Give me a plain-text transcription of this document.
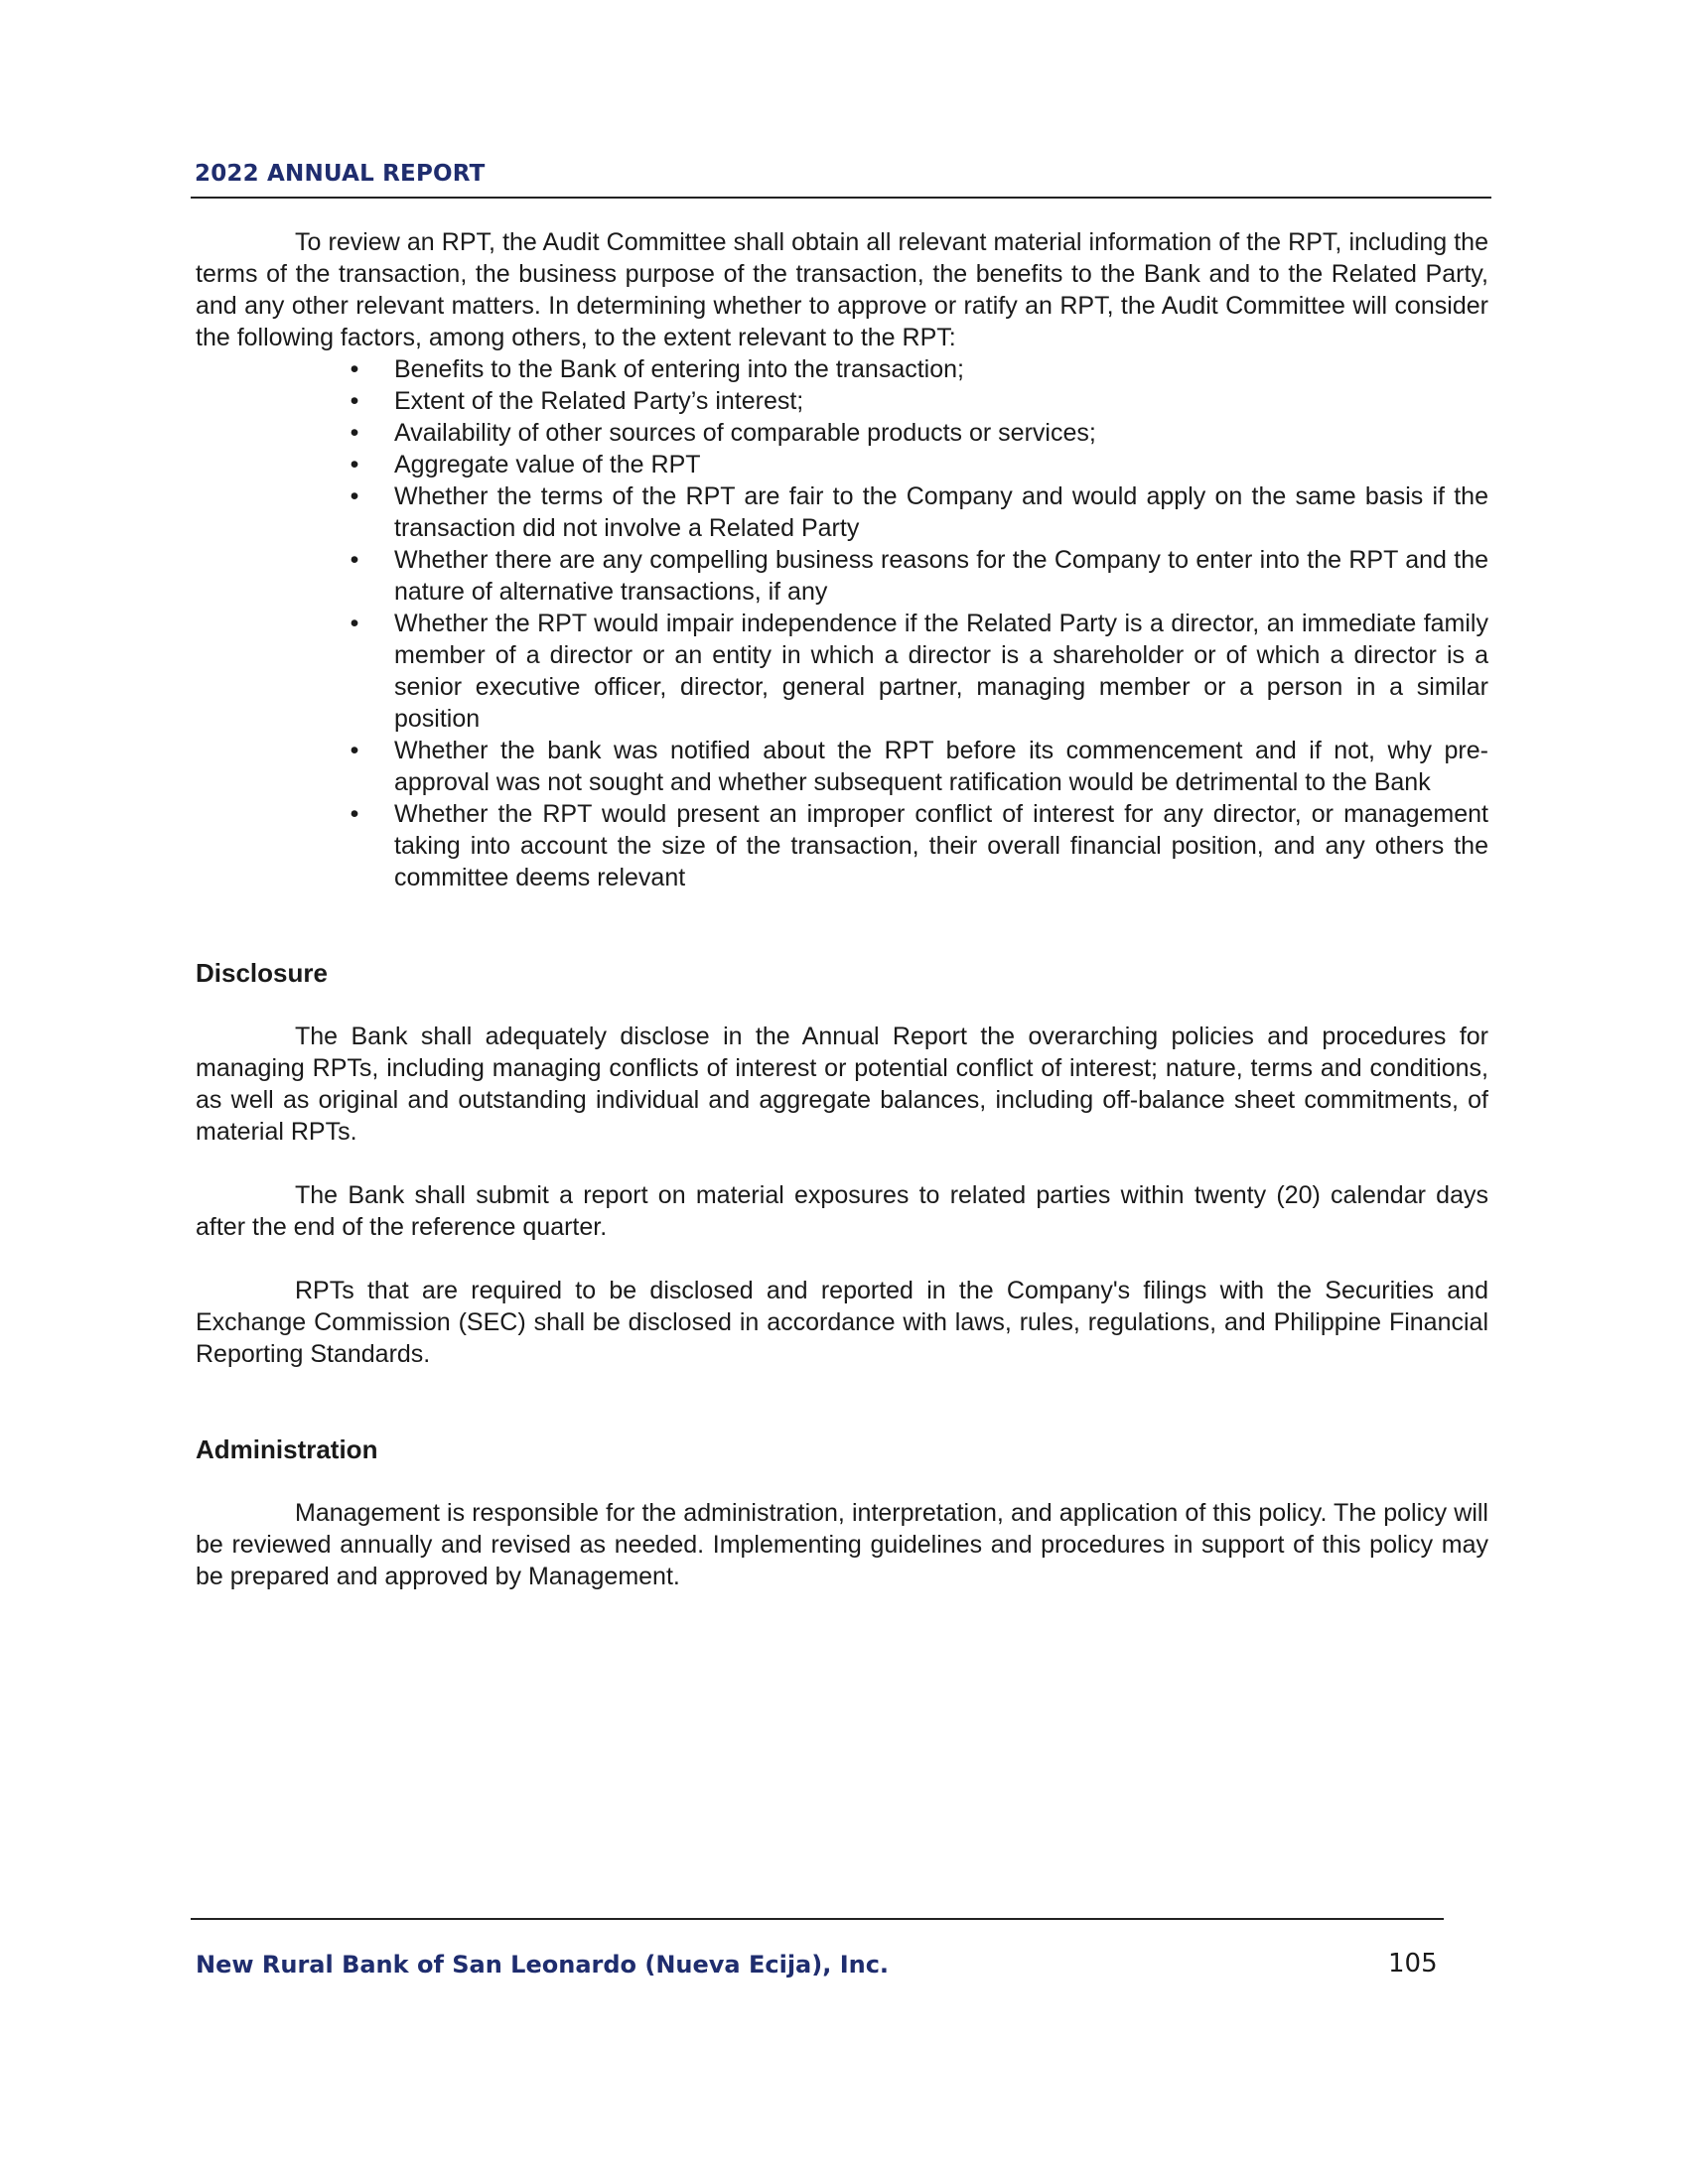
2022 ANNUAL REPORT

To review an RPT, the Audit Committee shall obtain all relevant material information of the RPT, including the terms of the transaction, the business purpose of the transaction, the benefits to the Bank and to the Related Party, and any other relevant matters. In determining whether to approve or ratify an RPT, the Audit Committee will consider the following factors, among others, to the extent relevant to the RPT:

• Benefits to the Bank of entering into the transaction;
• Extent of the Related Party’s interest;
• Availability of other sources of comparable products or services;
• Aggregate value of the RPT
• Whether the terms of the RPT are fair to the Company and would apply on the same basis if the transaction did not involve a Related Party
• Whether there are any compelling business reasons for the Company to enter into the RPT and the nature of alternative transactions, if any
• Whether the RPT would impair independence if the Related Party is a director, an immediate family member of a director or an entity in which a director is a shareholder or of which a director is a senior executive officer, director, general partner, managing member or a person in a similar position
• Whether the bank was notified about the RPT before its commencement and if not, why pre-approval was not sought and whether subsequent ratification would be detrimental to the Bank
• Whether the RPT would present an improper conflict of interest for any director, or management taking into account the size of the transaction, their overall financial position, and any others the committee deems relevant
Disclosure

The Bank shall adequately disclose in the Annual Report the overarching policies and procedures for managing RPTs, including managing conflicts of interest or potential conflict of interest; nature, terms and conditions, as well as original and outstanding individual and aggregate balances, including off-balance sheet commitments, of material RPTs.

The Bank shall submit a report on material exposures to related parties within twenty (20) calendar days after the end of the reference quarter.

RPTs that are required to be disclosed and reported in the Company's filings with the Securities and Exchange Commission (SEC) shall be disclosed in accordance with laws, rules, regulations, and Philippine Financial Reporting Standards.

Administration

Management is responsible for the administration, interpretation, and application of this policy. The policy will be reviewed annually and revised as needed. Implementing guidelines and procedures in support of this policy may be prepared and approved by Management.

New Rural Bank of San Leonardo (Nueva Ecija), Inc.	105
